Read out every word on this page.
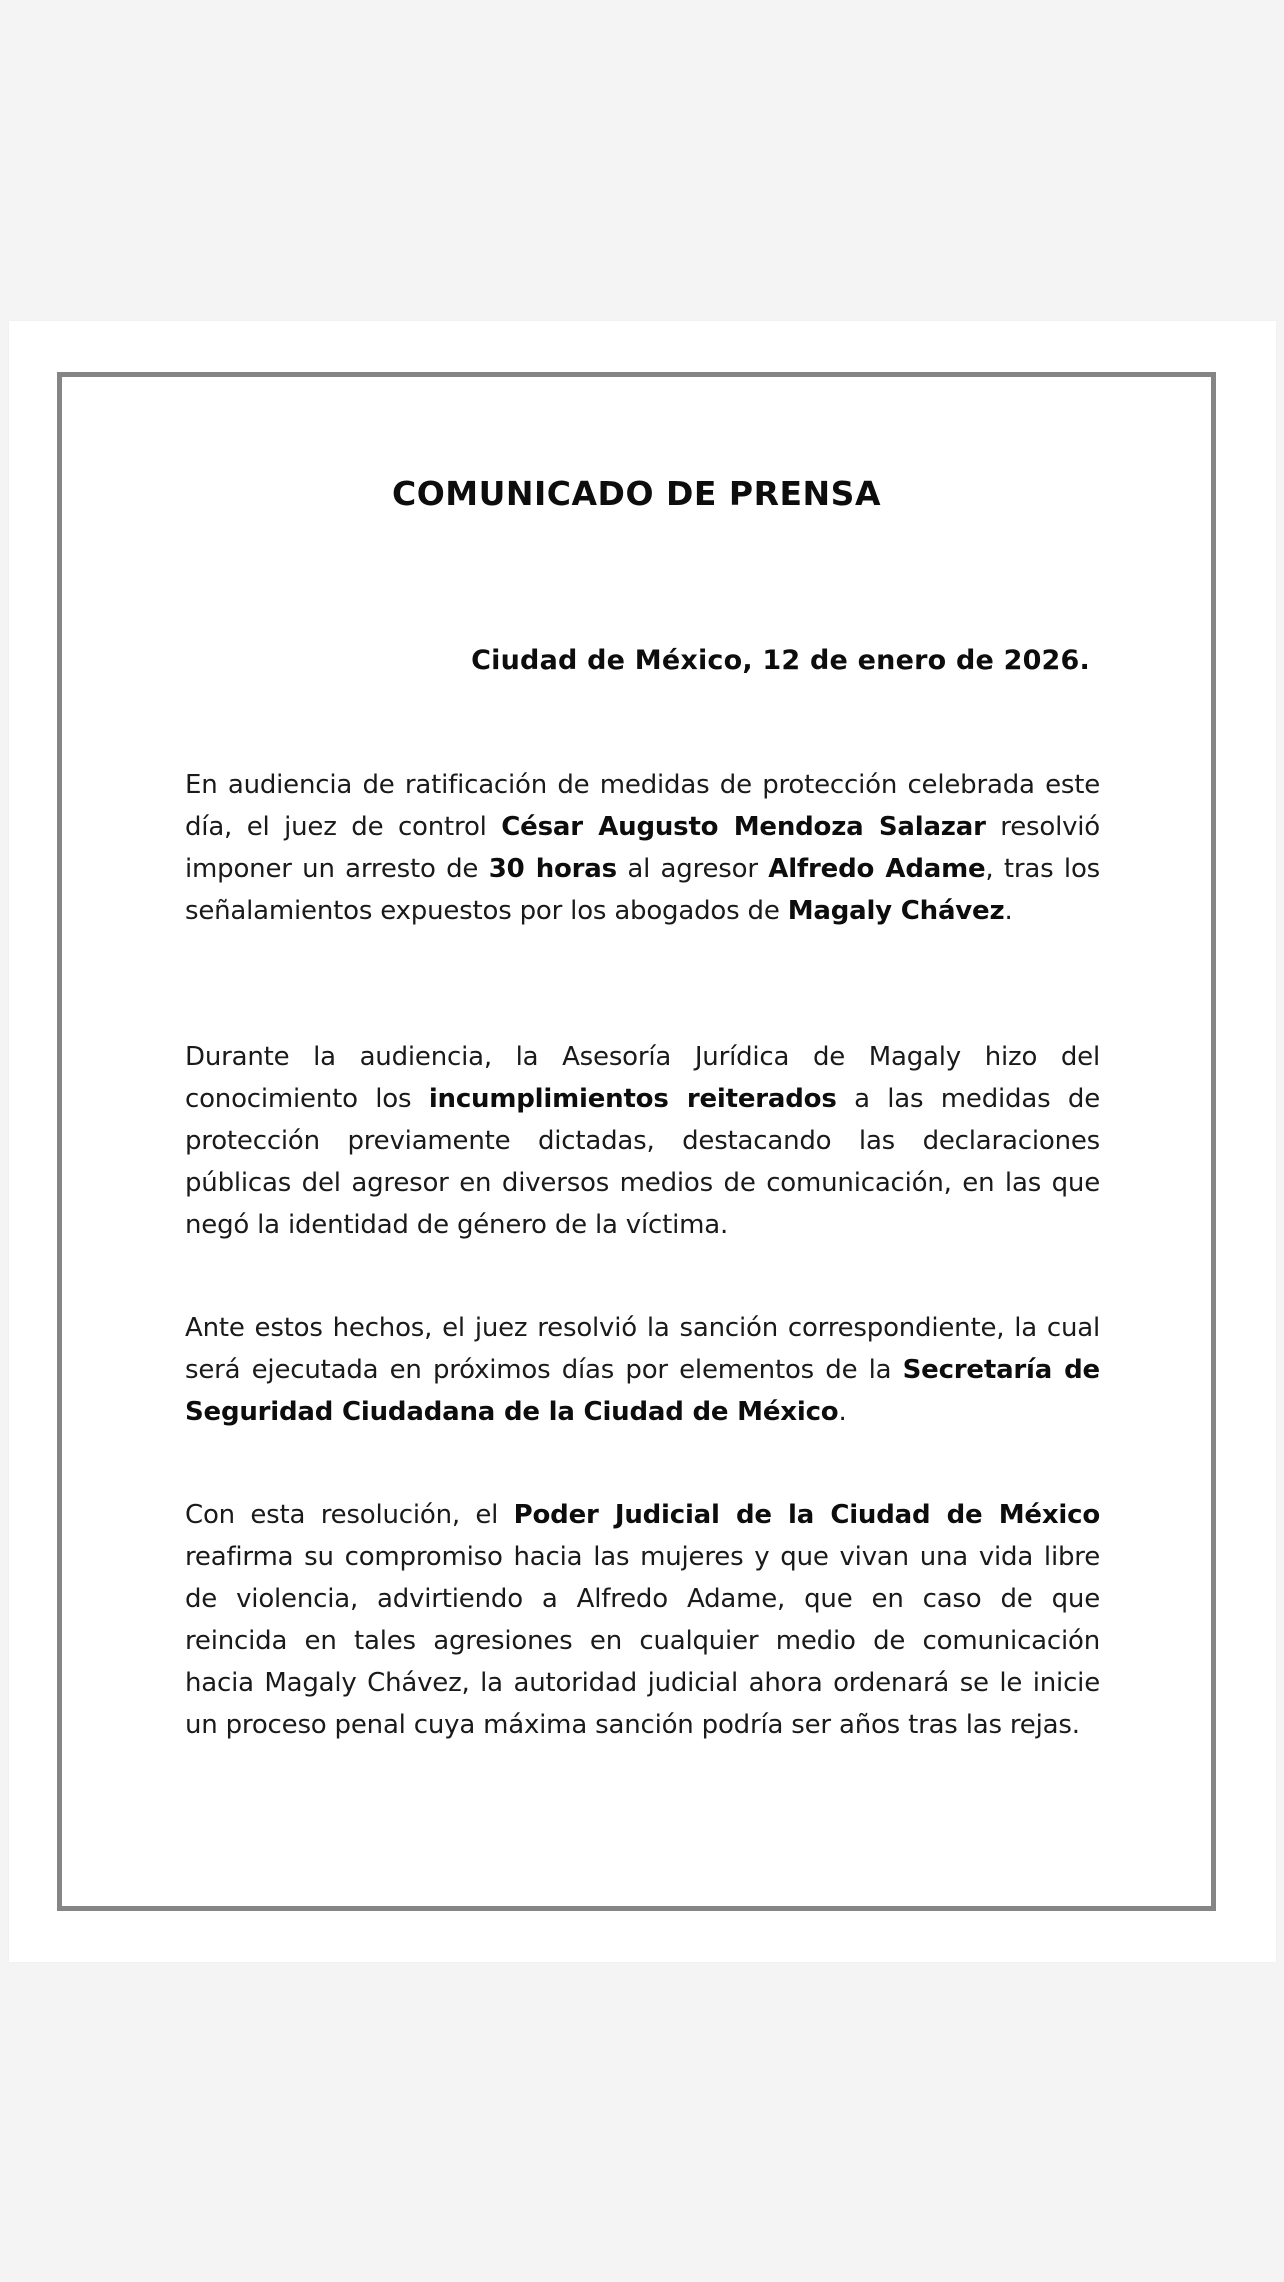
COMUNICADO DE PRENSA
Ciudad de México, 12 de enero de 2026.
En audiencia de ratificación de medidas de protección celebrada este día, el juez de control César Augusto Mendoza Salazar resolvió imponer un arresto de 30 horas al agresor Alfredo Adame, tras los señalamientos expuestos por los abogados de Magaly Chávez.
Durante la audiencia, la Asesoría Jurídica de Magaly hizo del conocimiento los incumplimientos reiterados a las medidas de protección previamente dictadas, destacando las declaraciones públicas del agresor en diversos medios de comunicación, en las que negó la identidad de género de la víctima.
Ante estos hechos, el juez resolvió la sanción correspondiente, la cual será ejecutada en próximos días por elementos de la Secretaría de Seguridad Ciudadana de la Ciudad de México.
Con esta resolución, el Poder Judicial de la Ciudad de México reafirma su compromiso hacia las mujeres y que vivan una vida libre de violencia, advirtiendo a Alfredo Adame, que en caso de que reincida en tales agresiones en cualquier medio de comunicación hacia Magaly Chávez, la autoridad judicial ahora ordenará se le inicie un proceso penal cuya máxima sanción podría ser años tras las rejas.
